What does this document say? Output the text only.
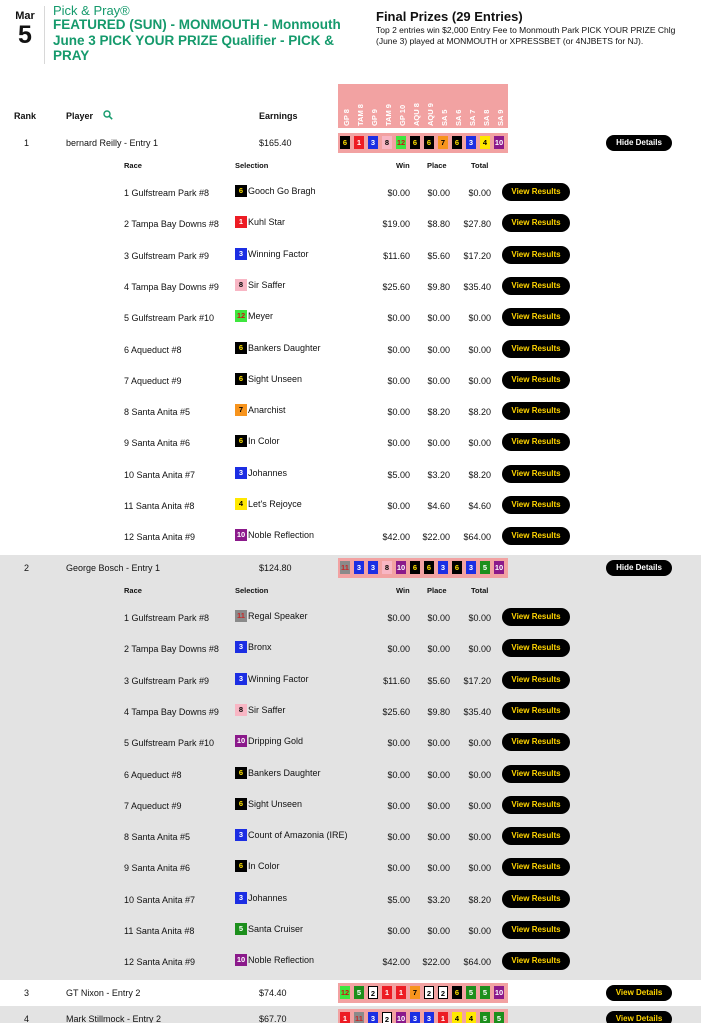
Mar
5
Pick & Pray®
FEATURED (SUN) - MONMOUTH - Monmouth June 3 PICK YOUR PRIZE Qualifier - PICK & PRAY
Final Prizes (29 Entries)
Top 2 entries win $2,000 Entry Fee to Monmouth Park PICK YOUR PRIZE Chlg (June 3) played at MONMOUTH or XPRESSBET (or 4NJBETS for NJ).
Rank	Player	Earnings	GP 8 TAM 8 GP 9 TAM 9 GP 10 AQU 8 AQU 9 SA 5 SA 6 SA 7 SA 8 SA 9
1	bernard Reilly - Entry 1	$165.40	6	1	3	8	12	6	6	7	6	3	4	10	Hide Details
Race	Selection	Win Place	Total
1 Gulfstream Park #8	6 Gooch Go Bragh	$0.00	$0.00	$0.00	View Results
2 Tampa Bay Downs #8	1 Kuhl Star	$19.00	$8.80	$27.80	View Results
3 Gulfstream Park #9	3 Winning Factor	$11.60	$5.60	$17.20	View Results
4 Tampa Bay Downs #9	8 Sir Saffer	$25.60	$9.80	$35.40	View Results
5 Gulfstream Park #10	12 Meyer	$0.00	$0.00	$0.00	View Results
6 Aqueduct #8	6 Bankers Daughter	$0.00	$0.00	$0.00	View Results
7 Aqueduct #9	6 Sight Unseen	$0.00	$0.00	$0.00	View Results
8 Santa Anita #5	7 Anarchist	$0.00	$8.20	$8.20	View Results
9 Santa Anita #6	6 In Color	$0.00	$0.00	$0.00	View Results
10 Santa Anita #7	3 Johannes	$5.00	$3.20	$8.20	View Results
11 Santa Anita #8	4 Let's Rejoyce	$0.00	$4.60	$4.60	View Results
12 Santa Anita #9	10 Noble Reflection	$42.00	$22.00	$64.00	View Results
2	George Bosch - Entry 1	$124.80	11	3	3	8	10	6	6	3	6	3	5	10	Hide Details
Race	Selection	Win Place	Total
1 Gulfstream Park #8	11 Regal Speaker	$0.00	$0.00	$0.00	View Results
2 Tampa Bay Downs #8	3 Bronx	$0.00	$0.00	$0.00	View Results
3 Gulfstream Park #9	3 Winning Factor	$11.60	$5.60	$17.20	View Results
4 Tampa Bay Downs #9	8 Sir Saffer	$25.60	$9.80	$35.40	View Results
5 Gulfstream Park #10	10 Dripping Gold	$0.00	$0.00	$0.00	View Results
6 Aqueduct #8	6 Bankers Daughter	$0.00	$0.00	$0.00	View Results
7 Aqueduct #9	6 Sight Unseen	$0.00	$0.00	$0.00	View Results
8 Santa Anita #5	3 Count of Amazonia (IRE)	$0.00	$0.00	$0.00	View Results
9 Santa Anita #6	6 In Color	$0.00	$0.00	$0.00	View Results
10 Santa Anita #7	3 Johannes	$5.00	$3.20	$8.20	View Results
11 Santa Anita #8	5 Santa Cruiser	$0.00	$0.00	$0.00	View Results
12 Santa Anita #9	10 Noble Reflection	$42.00	$22.00	$64.00	View Results
3	GT Nixon - Entry 2	$74.40	12	5	2	1	1	7	2	2	6	5	5	10	View Details
4	Mark Stillmock - Entry 2	$67.70	1	11	3	2	10	3	3	1	4	4	5	5	View Details
